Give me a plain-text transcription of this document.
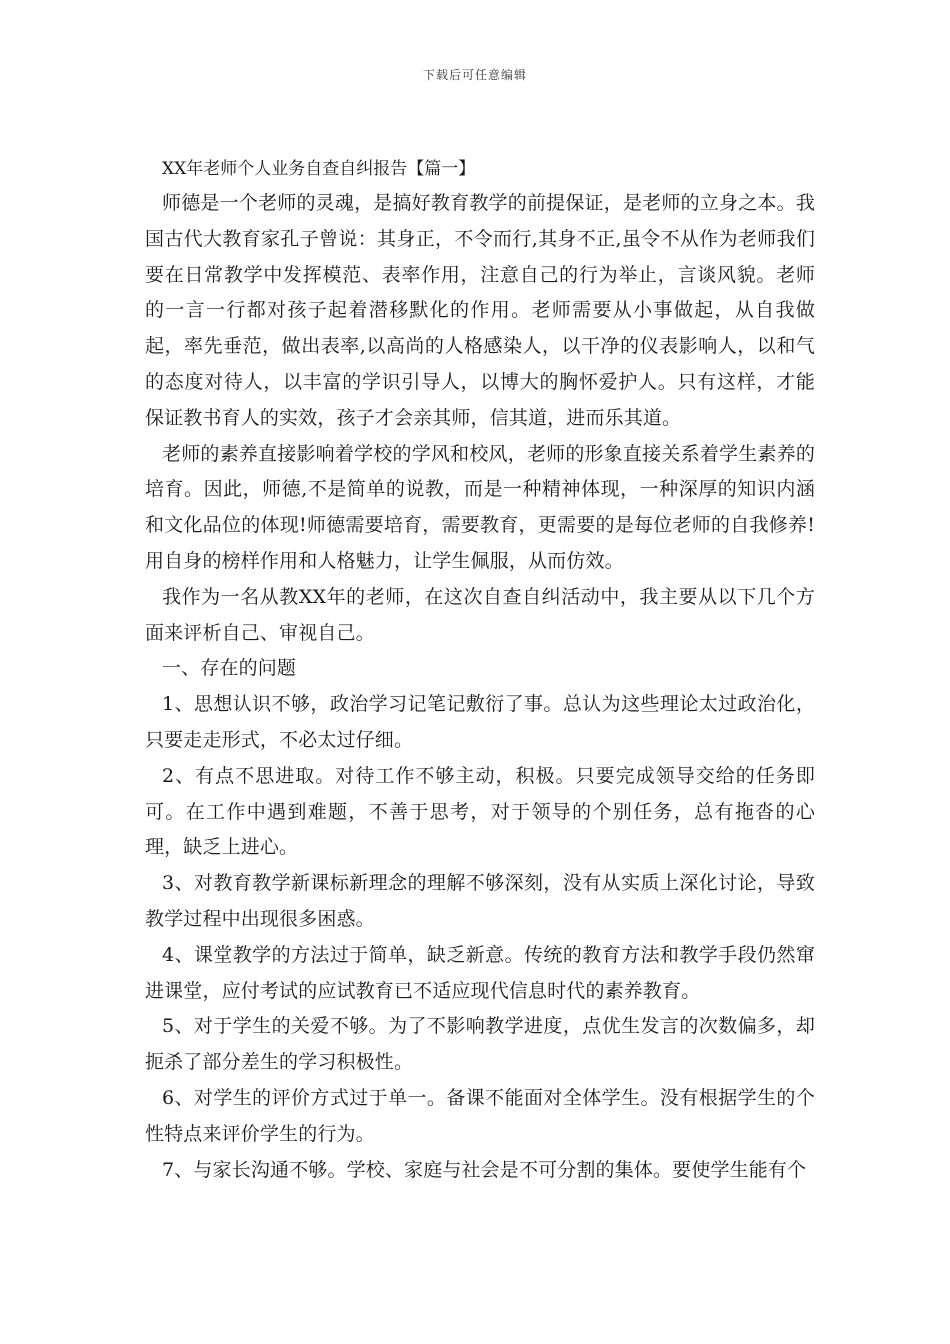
下载后可任意编辑
XX年老师个人业务自查自纠报告【篇一】

师德是一个老师的灵魂，是搞好教育教学的前提保证，是老师的立身之本。我国古代大教育家孔子曾说：其身正，不令而行,其身不正,虽令不从作为老师我们要在日常教学中发挥模范、表率作用，注意自己的行为举止，言谈风貌。老师的一言一行都对孩子起着潜移默化的作用。老师需要从小事做起，从自我做起，率先垂范，做出表率,以高尚的人格感染人，以干净的仪表影响人，以和气的态度对待人，以丰富的学识引导人，以博大的胸怀爱护人。只有这样，才能保证教书育人的实效，孩子才会亲其师，信其道，进而乐其道。

老师的素养直接影响着学校的学风和校风，老师的形象直接关系着学生素养的培育。因此，师德,不是简单的说教，而是一种精神体现，一种深厚的知识内涵和文化品位的体现!师德需要培育，需要教育，更需要的是每位老师的自我修养!用自身的榜样作用和人格魅力，让学生佩服，从而仿效。

我作为一名从教XX年的老师，在这次自查自纠活动中，我主要从以下几个方面来评析自己、审视自己。

一、存在的问题

1、思想认识不够，政治学习记笔记敷衍了事。总认为这些理论太过政治化，只要走走形式，不必太过仔细。

2、有点不思进取。对待工作不够主动，积极。只要完成领导交给的任务即可。在工作中遇到难题，不善于思考，对于领导的个别任务，总有拖沓的心理，缺乏上进心。

3、对教育教学新课标新理念的理解不够深刻，没有从实质上深化讨论，导致教学过程中出现很多困惑。

4、课堂教学的方法过于简单，缺乏新意。传统的教育方法和教学手段仍然窜进课堂，应付考试的应试教育已不适应现代信息时代的素养教育。

5、对于学生的关爱不够。为了不影响教学进度，点优生发言的次数偏多，却扼杀了部分差生的学习积极性。

6、对学生的评价方式过于单一。备课不能面对全体学生。没有根据学生的个性特点来评价学生的行为。

7、与家长沟通不够。学校、家庭与社会是不可分割的集体。要使学生能有个
